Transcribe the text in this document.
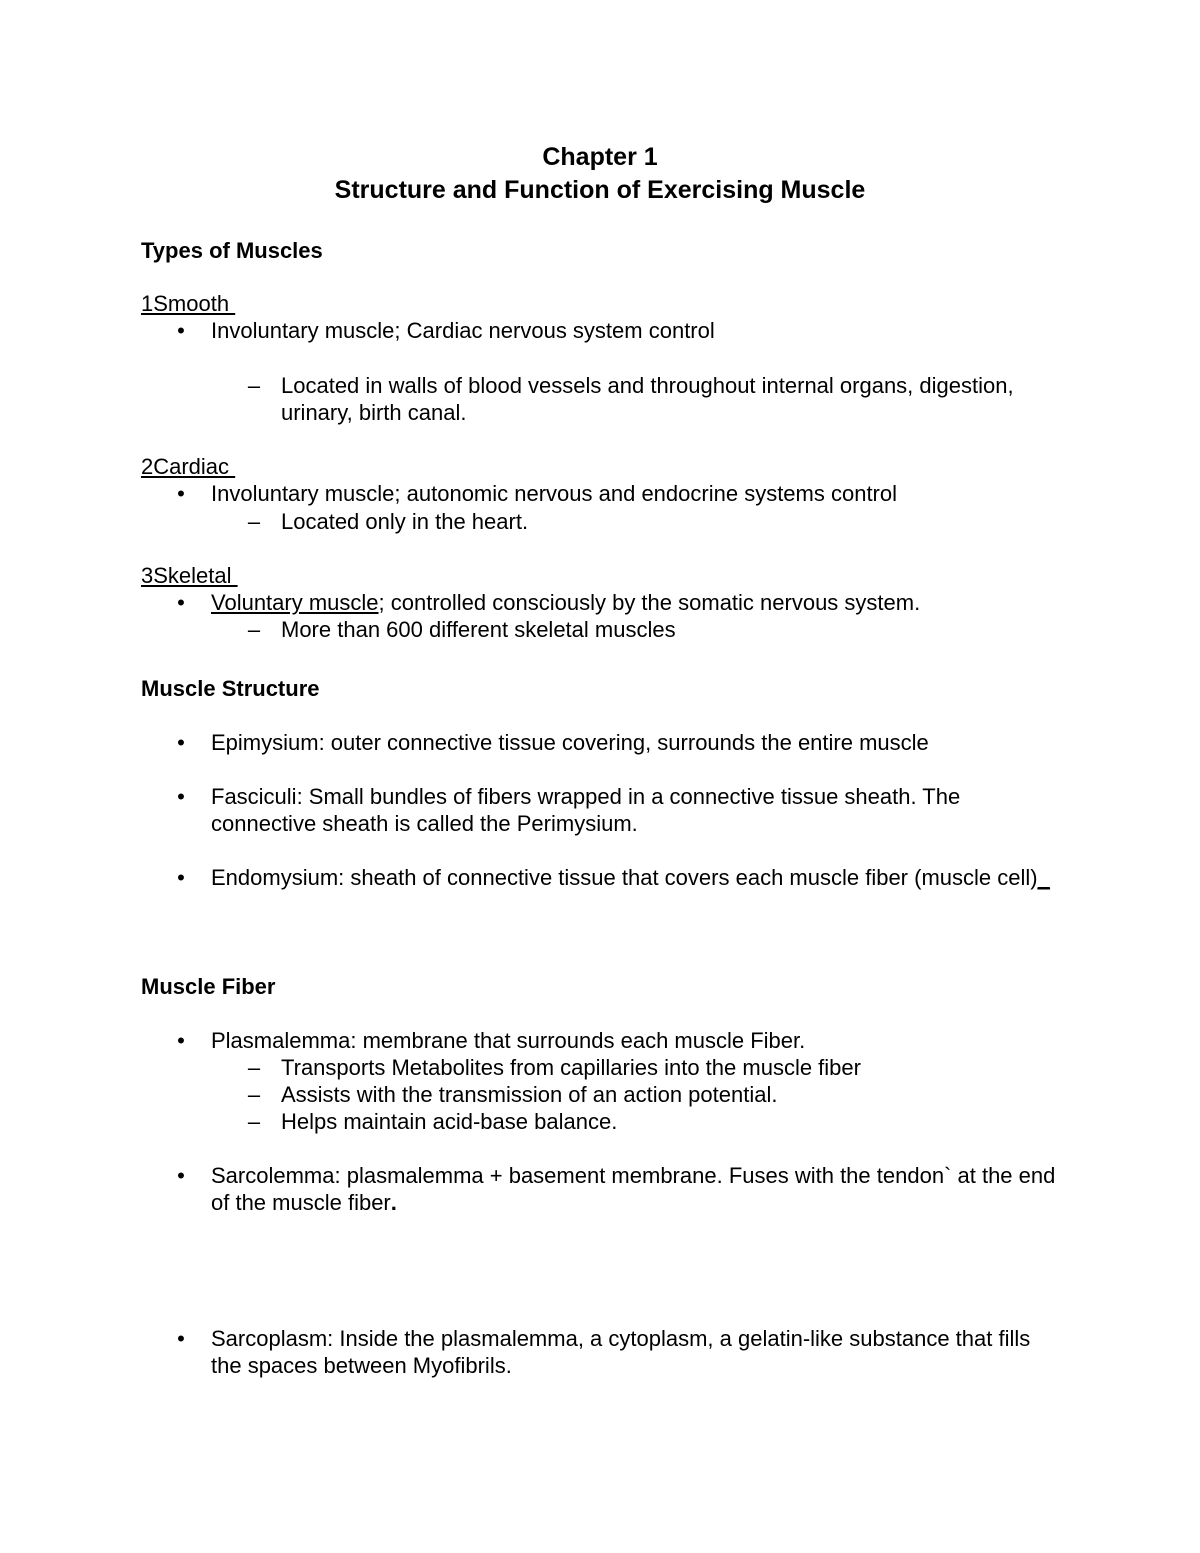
Chapter 1
Structure and Function of Exercising Muscle
Types of Muscles
1Smooth
• Involuntary muscle; Cardiac nervous system control
– Located in walls of blood vessels and throughout internal organs, digestion, urinary, birth canal.
2Cardiac
• Involuntary muscle; autonomic nervous and endocrine systems control
– Located only in the heart.
3Skeletal
• Voluntary muscle; controlled consciously by the somatic nervous system.
– More than 600 different skeletal muscles
Muscle Structure
• Epimysium: outer connective tissue covering, surrounds the entire muscle
• Fasciculi: Small bundles of fibers wrapped in a connective tissue sheath. The connective sheath is called the Perimysium.
• Endomysium: sheath of connective tissue that covers each muscle fiber (muscle cell)_
Muscle Fiber
• Plasmalemma: membrane that surrounds each muscle Fiber.
– Transports Metabolites from capillaries into the muscle fiber
– Assists with the transmission of an action potential.
– Helps maintain acid-base balance.
• Sarcolemma: plasmalemma + basement membrane. Fuses with the tendon` at the end of the muscle fiber.
• Sarcoplasm: Inside the plasmalemma, a cytoplasm, a gelatin-like substance that fills the spaces between Myofibrils.
